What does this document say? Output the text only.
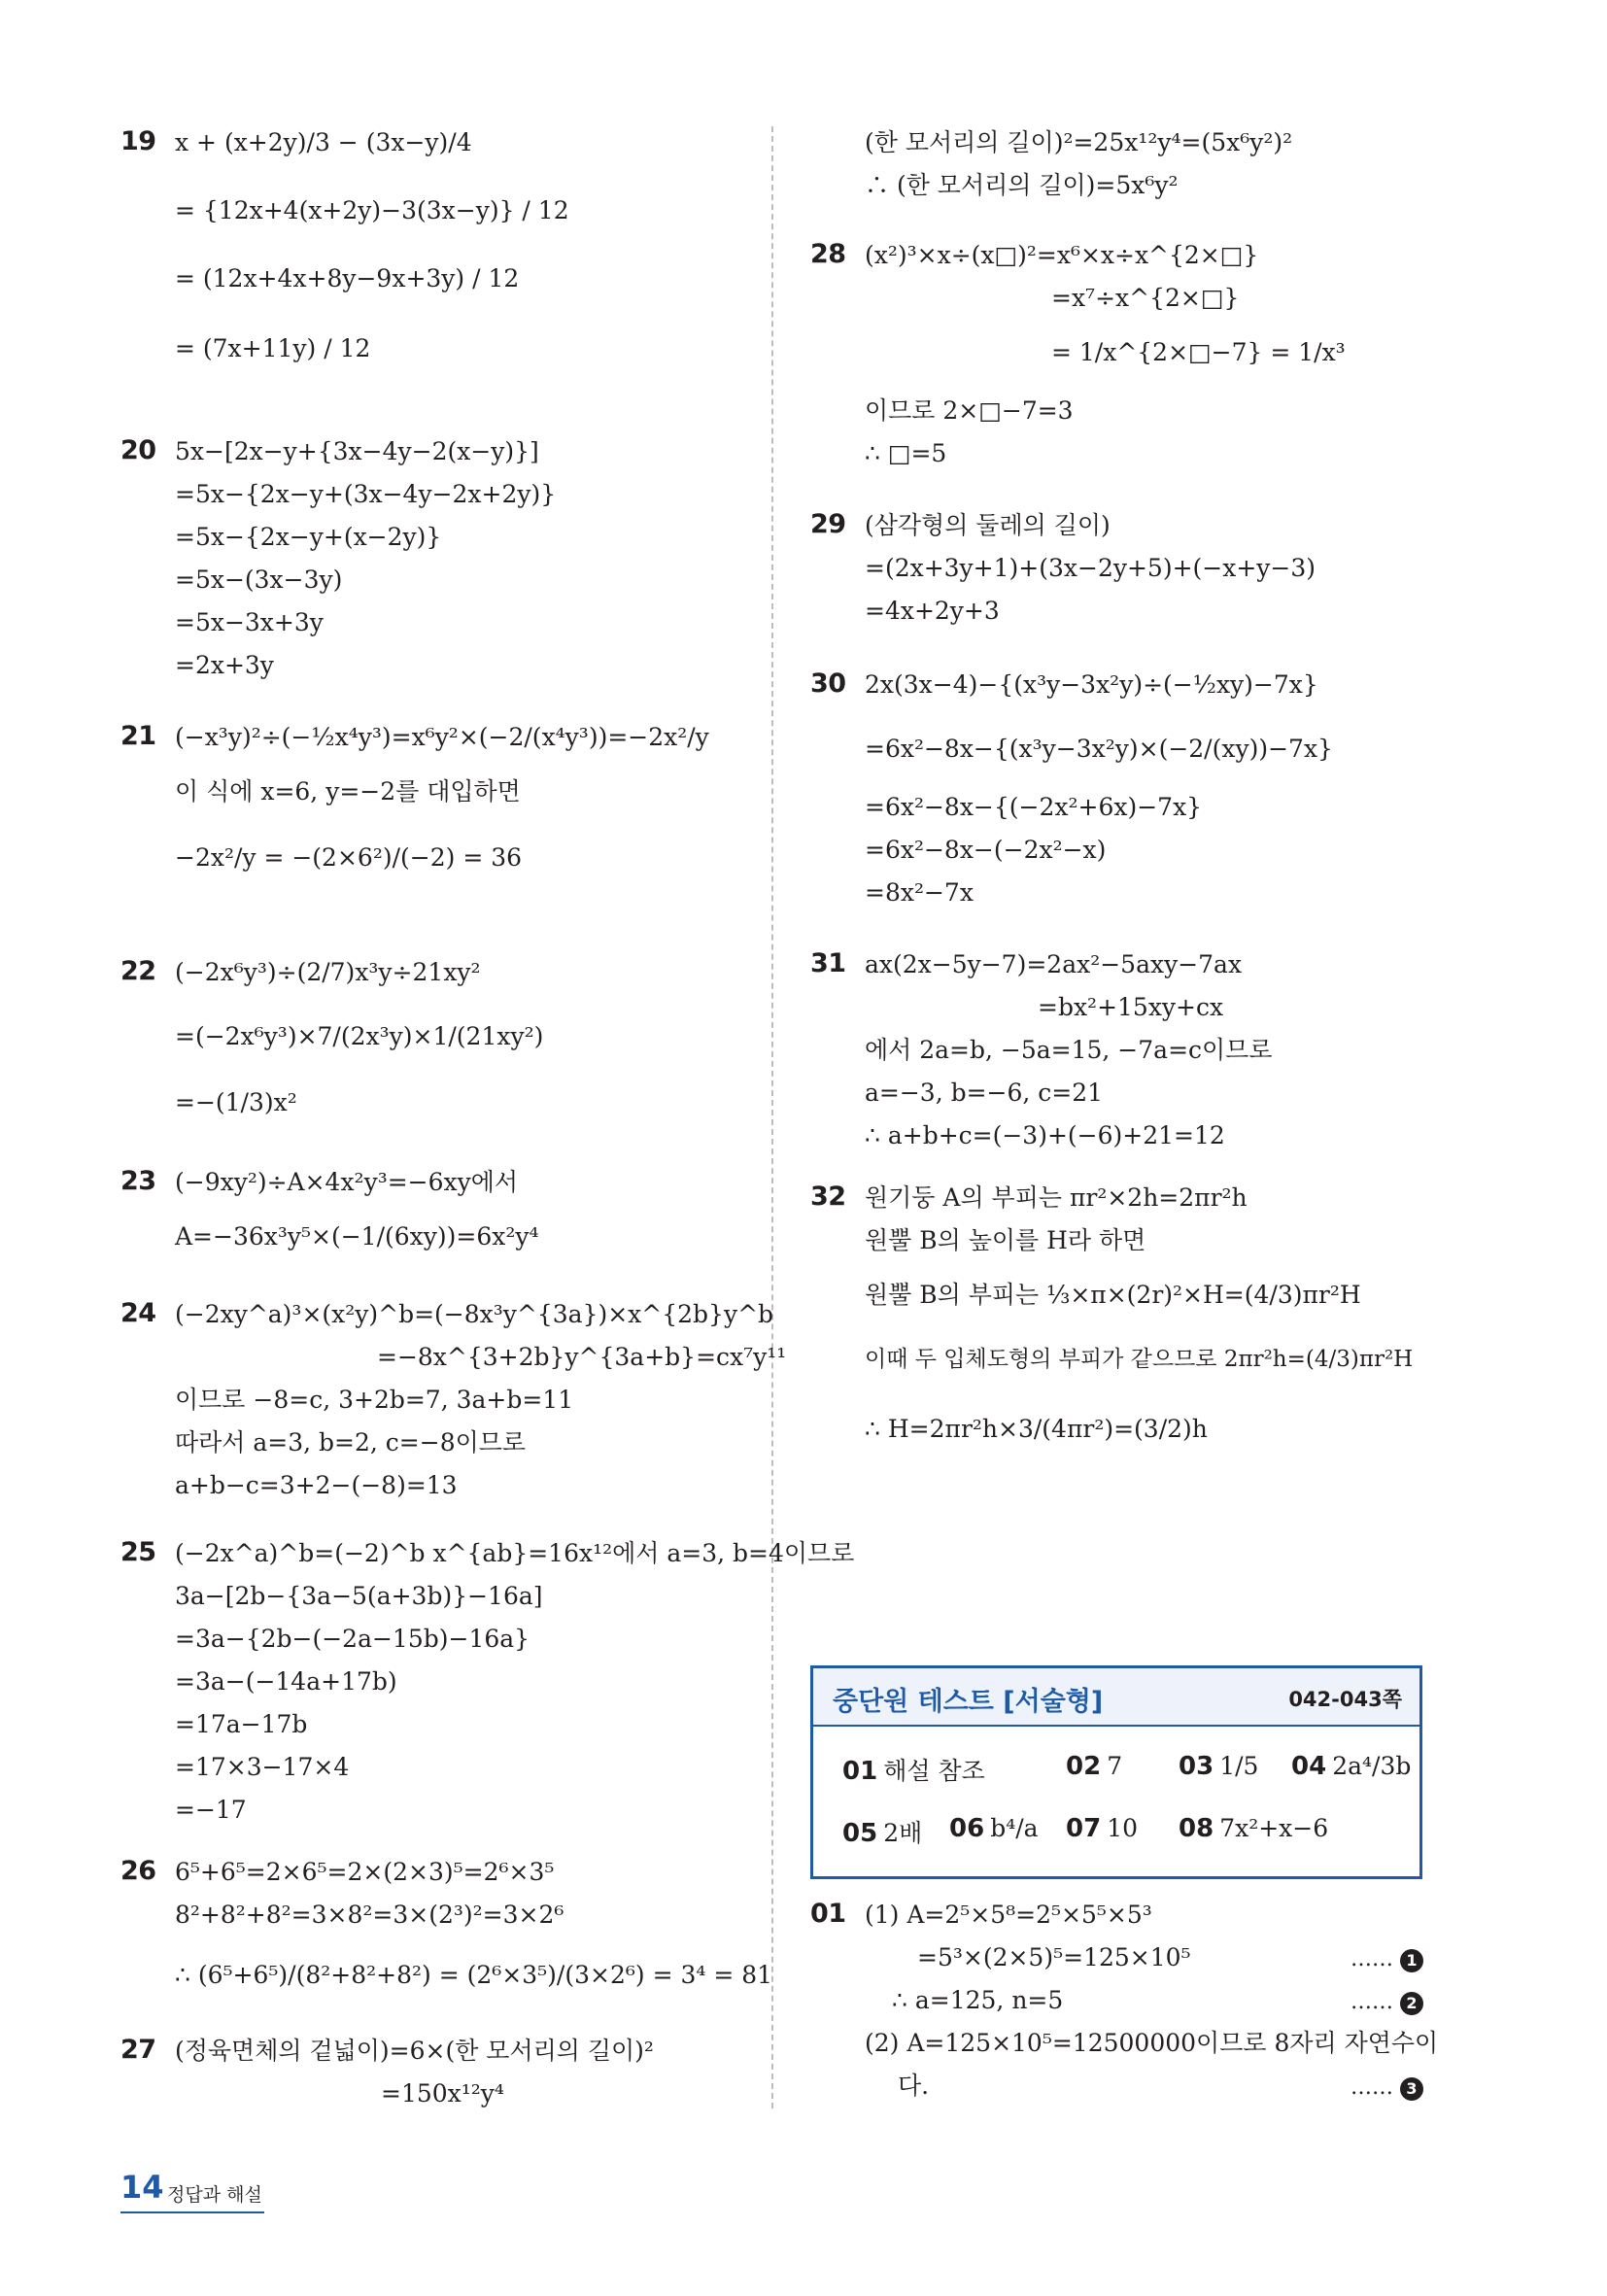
19 x + (x+2y)/3 − (3x−y)/4
= {12x+4(x+2y)−3(3x−y)} / 12
= (12x+4x+8y−9x+3y) / 12
= (7x+11y) / 12
20 5x−[2x−y+{3x−4y−2(x−y)}]
=5x−{2x−y+(3x−4y−2x+2y)}
=5x−{2x−y+(x−2y)}
=5x−(3x−3y)
=5x−3x+3y
=2x+3y
21 (−x³y)²÷(−½x⁴y³)=x⁶y²×(−2/(x⁴y³))=−2x²/y
이 식에 x=6, y=−2를 대입하면
−2x²/y = −(2×6²)/(−2) = 36
22 (−2x⁶y³)÷(2/7)x³y÷21xy²
=(−2x⁶y³)×7/(2x³y)×1/(21xy²)
=−(1/3)x²
23 (−9xy²)÷A×4x²y³=−6xy에서
A=−36x³y⁵×(−1/(6xy))=6x²y⁴
24 (−2xy^a)³×(x²y)^b=(−8x³y^{3a})×x^{2b}y^b
=−8x^{3+2b}y^{3a+b}=cx⁷y¹¹
이므로 −8=c, 3+2b=7, 3a+b=11
따라서 a=3, b=2, c=−8이므로
a+b−c=3+2−(−8)=13
25 (−2x^a)^b=(−2)^b x^{ab}=16x¹²에서 a=3, b=4이므로
3a−[2b−{3a−5(a+3b)}−16a]
=3a−{2b−(−2a−15b)−16a}
=3a−(−14a+17b)
=17a−17b
=17×3−17×4
=−17
26 6⁵+6⁵=2×6⁵=2×(2×3)⁵=2⁶×3⁵
8²+8²+8²=3×8²=3×(2³)²=3×2⁶
∴ (6⁵+6⁵)/(8²+8²+8²) = (2⁶×3⁵)/(3×2⁶) = 3⁴ = 81
27 (정육면체의 겉넓이)=6×(한 모서리의 길이)²
=150x¹²y⁴
(한 모서리의 길이)²=25x¹²y⁴=(5x⁶y²)²
∴ (한 모서리의 길이)=5x⁶y²
28 (x²)³×x÷(x□)²=x⁶×x÷x^{2×□}
=x⁷÷x^{2×□}
= 1/x^{2×□−7} = 1/x³
이므로 2×□−7=3
∴ □=5
29 (삼각형의 둘레의 길이)
=(2x+3y+1)+(3x−2y+5)+(−x+y−3)
=4x+2y+3
30 2x(3x−4)−{(x³y−3x²y)÷(−½xy)−7x}
=6x²−8x−{(x³y−3x²y)×(−2/(xy))−7x}
=6x²−8x−{(−2x²+6x)−7x}
=6x²−8x−(−2x²−x)
=8x²−7x
31 ax(2x−5y−7)=2ax²−5axy−7ax
=bx²+15xy+cx
에서 2a=b, −5a=15, −7a=c이므로
a=−3, b=−6, c=21
∴ a+b+c=(−3)+(−6)+21=12
32 원기둥 A의 부피는 πr²×2h=2πr²h
원뿔 B의 높이를 H라 하면
원뿔 B의 부피는 ⅓×π×(2r)²×H=(4/3)πr²H
이때 두 입체도형의 부피가 같으므로 2πr²h=(4/3)πr²H
∴ H=2πr²h×3/(4πr²)=(3/2)h
중단원 테스트 [서술형]	042-043쪽
01 해설 참조	02 7 03 1/5 04 2a⁴/3b
05 2배 06 b⁴/a 07 10 08 7x²+x−6
01 (1) A=2⁵×5⁸=2⁵×5⁵×5³
=5³×(2×5)⁵=125×10⁵
∴ a=125, n=5
(2) A=125×10⁵=12500000이므로 8자리 자연수이
다.
…… 1
…… 2
…… 3
14 정답과 해설
